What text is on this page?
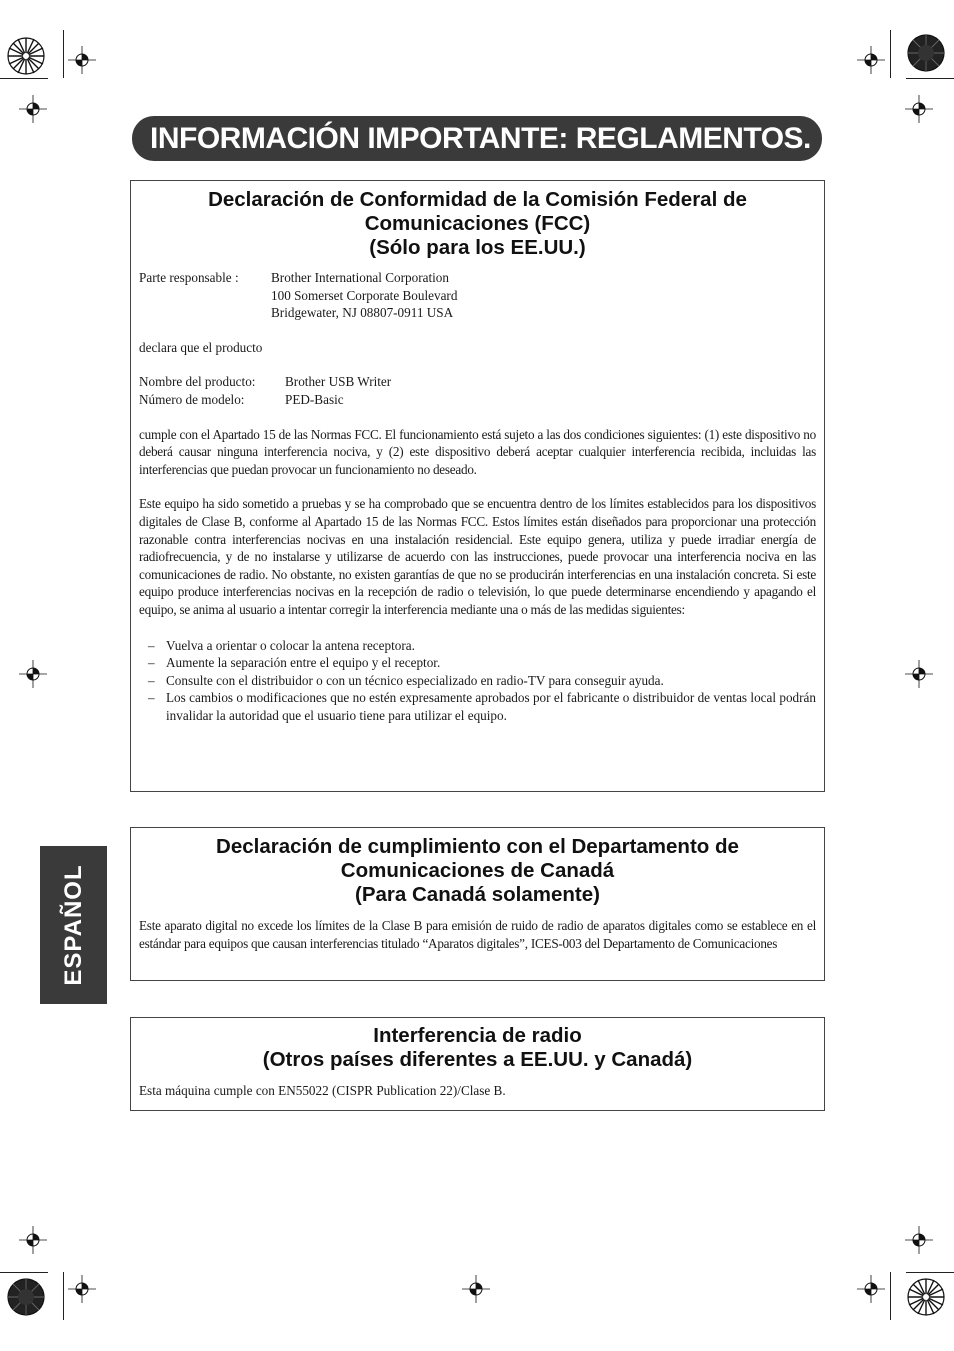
INFORMACIÓN IMPORTANTE: REGLAMENTOS.
ESPAÑOL
Declaración de Conformidad de la Comisión Federal de
Comunicaciones (FCC)
(Sólo para los EE.UU.)
Parte responsable :	Brother International Corporation
100 Somerset Corporate Boulevard
Bridgewater, NJ 08807-0911 USA

declara que el producto

Nombre del producto:	Brother USB Writer
Número de modelo:	PED-Basic

cumple con el Apartado 15 de las Normas FCC. El funcionamiento está sujeto a las dos condiciones siguientes: (1) este dispositivo no deberá causar ninguna interferencia nociva, y (2) este dispositivo deberá aceptar cualquier interferencia recibida, incluidas las interferencias que puedan provocar un funcionamiento no deseado.

Este equipo ha sido sometido a pruebas y se ha comprobado que se encuentra dentro de los límites establecidos para los dispositivos digitales de Clase B, conforme al Apartado 15 de las Normas FCC. Estos límites están diseñados para proporcionar una protección razonable contra interferencias nocivas en una instalación residencial. Este equipo genera, utiliza y puede irradiar energía de radiofrecuencia, y de no instalarse y utilizarse de acuerdo con las instrucciones, puede provocar una interferencia nociva en las comunicaciones de radio. No obstante, no existen garantías de que no se producirán interferencias en una instalación concreta. Si este equipo produce interferencias nocivas en la recepción de radio o televisión, lo que puede determinarse encendiendo y apagando el equipo, se anima al usuario a intentar corregir la interferencia mediante una o más de las medidas siguientes:

– Vuelva a orientar o colocar la antena receptora.
– Aumente la separación entre el equipo y el receptor.
– Consulte con el distribuidor o con un técnico especializado en radio-TV para conseguir ayuda.
– Los cambios o modificaciones que no estén expresamente aprobados por el fabricante o distribuidor de ventas local podrán invalidar la autoridad que el usuario tiene para utilizar el equipo.
Declaración de cumplimiento con el Departamento de
Comunicaciones de Canadá
(Para Canadá solamente)

Este aparato digital no excede los límites de la Clase B para emisión de ruido de radio de aparatos digitales como se establece en el estándar para equipos que causan interferencias titulado “Aparatos digitales”, ICES-003 del Departamento de Comunicaciones

Interferencia de radio
(Otros países diferentes a EE.UU. y Canadá)

Esta máquina cumple con EN55022 (CISPR Publication 22)/Clase B.
